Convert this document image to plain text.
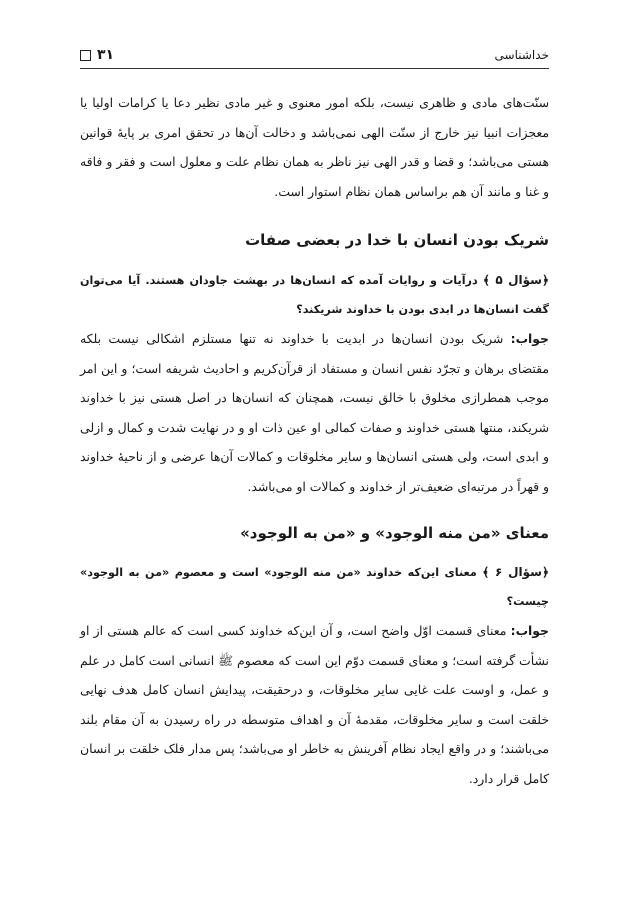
خداشناسی
۳۱

سنّت‌های مادی و ظاهری نیست، بلکه امور معنوی و غیر مادی نظیر دعا یا کرامات اولیا یا معجزات انبیا نیز خارج از سنّت الهی نمی‌باشد و دخالت آن‌ها در تحقق امری بر پایهٔ قوانین هستی می‌باشد؛ و قضا و قدر الهی نیز ناظر به همان نظام علت و معلول است و فقر و فاقه و غنا و مانند آن هم براساس همان نظام استوار است.

شریک بودن انسان با خدا در بعضی صفات

﴿سؤال ۵ ﴾ درآیات و روایات آمده که انسان‌ها در بهشت جاودان هستند. آیا می‌توان گفت انسان‌ها در ابدی بودن با خداوند شریکند؟

جواب: شریک بودن انسان‌ها در ابدیت با خداوند نه تنها مستلزم اشکالی نیست بلکه مقتضای برهان و تجرّد نفس انسان و مستفاد از قرآن‌کریم و احادیث شریفه است؛ و این امر موجب همطرازی مخلوق با خالق نیست، همچنان که انسان‌ها در اصل هستی نیز با خداوند شریکند، منتها هستی خداوند و صفات کمالی او عین ذات او و در نهایت شدت و کمال و ازلی و ابدی است، ولی هستی انسان‌ها و سایر مخلوقات و کمالات آن‌ها عرضی و از ناحیهٔ خداوند و قهراً در مرتبه‌ای ضعیف‌تر از خداوند و کمالات او می‌باشد.

معنای «من منه الوجود» و «من به الوجود»

﴿سؤال ۶ ﴾ معنای این‌که خداوند «من منه الوجود» است و معصوم «من به الوجود» چیست؟

جواب: معنای قسمت اوّل واضح است، و آن این‌که خداوند کسی است که عالم هستی از او نشأت گرفته است؛ و معنای قسمت دوّم این است که معصوم ﷺ انسانی است کامل در علم و عمل، و اوست علت غایی سایر مخلوقات، و درحقیقت، پیدایش انسان کامل هدف نهایی خلقت است و سایر مخلوقات، مقدمهٔ آن و اهداف متوسطه در راه رسیدن به آن مقام بلند می‌باشند؛ و در واقع ایجاد نظام آفرینش به خاطر او می‌باشد؛ پس مدار فلک خلقت بر انسان کامل قرار دارد.
